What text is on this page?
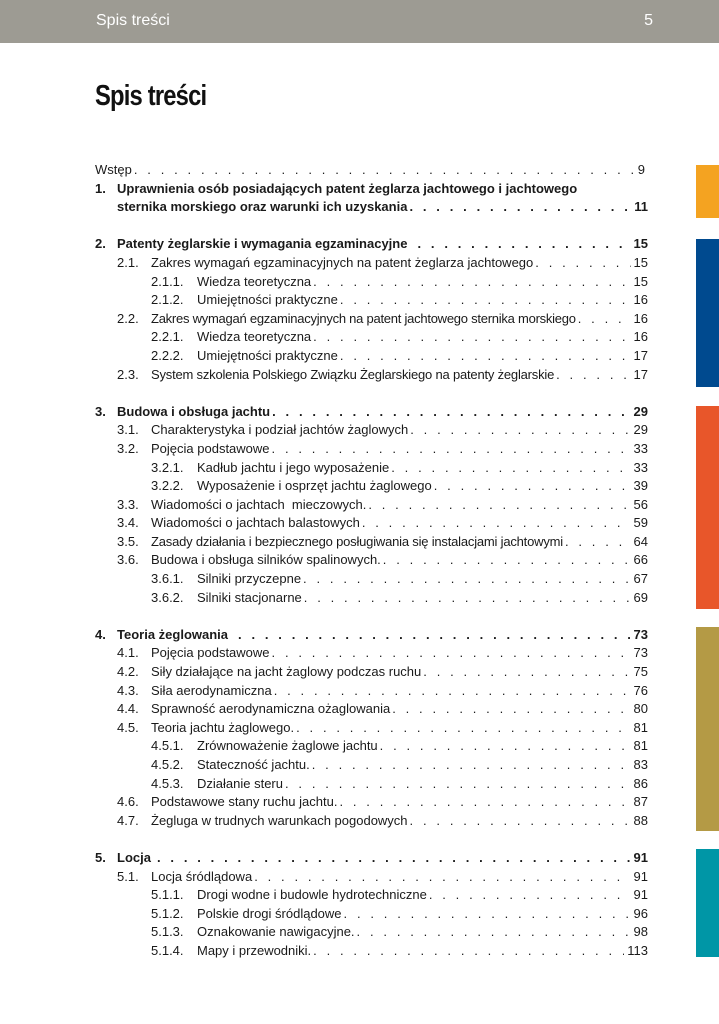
Spis treści	5
Spis treści
Wstęp . . .	9
1. Uprawnienia osób posiadających patent żeglarza jachtowego i jachtowego
sternika morskiego oraz warunki ich uzyskania . . .	11
2. Patenty żeglarskie i wymagania egzaminacyjne . . .	15
2.1. Zakres wymagań egzaminacyjnych na patent żeglarza jachtowego . . .	15
2.1.1. Wiedza teoretyczna . . .	15
2.1.2. Umiejętności praktyczne . . .	16
2.2. Zakres wymagań egzaminacyjnych na patent jachtowego sternika morskiego . . .	16
2.2.1. Wiedza teoretyczna . . .	16
2.2.2. Umiejętności praktyczne . . .	17
2.3. System szkolenia Polskiego Związku Żeglarskiego na patenty żeglarskie . . .	17
3. Budowa i obsługa jachtu . . .	29
3.1. Charakterystyka i podział jachtów żaglowych . . .	29
3.2. Pojęcia podstawowe . . .	33
3.2.1. Kadłub jachtu i jego wyposażenie . . .	33
3.2.2. Wyposażenie i osprzęt jachtu żaglowego . . .	39
3.3. Wiadomości o jachtach  mieczowych. . . .	56
3.4. Wiadomości o jachtach balastowych . . .	59
3.5. Zasady działania i bezpiecznego posługiwania się instalacjami jachtowymi . . .	64
3.6. Budowa i obsługa silników spalinowych. . . .	66
3.6.1. Silniki przyczepne . . .	67
3.6.2. Silniki stacjonarne . . .	69
4. Teoria żeglowania . . .	73
4.1. Pojęcia podstawowe . . .	73
4.2. Siły działające na jacht żaglowy podczas ruchu . . .	75
4.3. Siła aerodynamiczna . . .	76
4.4. Sprawność aerodynamiczna ożaglowania . . .	80
4.5. Teoria jachtu żaglowego. . . .	81
4.5.1. Zrównoważenie żaglowe jachtu . . .	81
4.5.2. Stateczność jachtu. . . .	83
4.5.3. Działanie steru . . .	86
4.6. Podstawowe stany ruchu jachtu. . . .	87
4.7. Żegluga w trudnych warunkach pogodowych . . .	88
5. Locja . . .	91
5.1. Locja śródlądowa . . .	91
5.1.1. Drogi wodne i budowle hydrotechniczne . . .	91
5.1.2. Polskie drogi śródlądowe . . .	96
5.1.3. Oznakowanie nawigacyjne. . . .	98
5.1.4. Mapy i przewodniki. . . .	113
